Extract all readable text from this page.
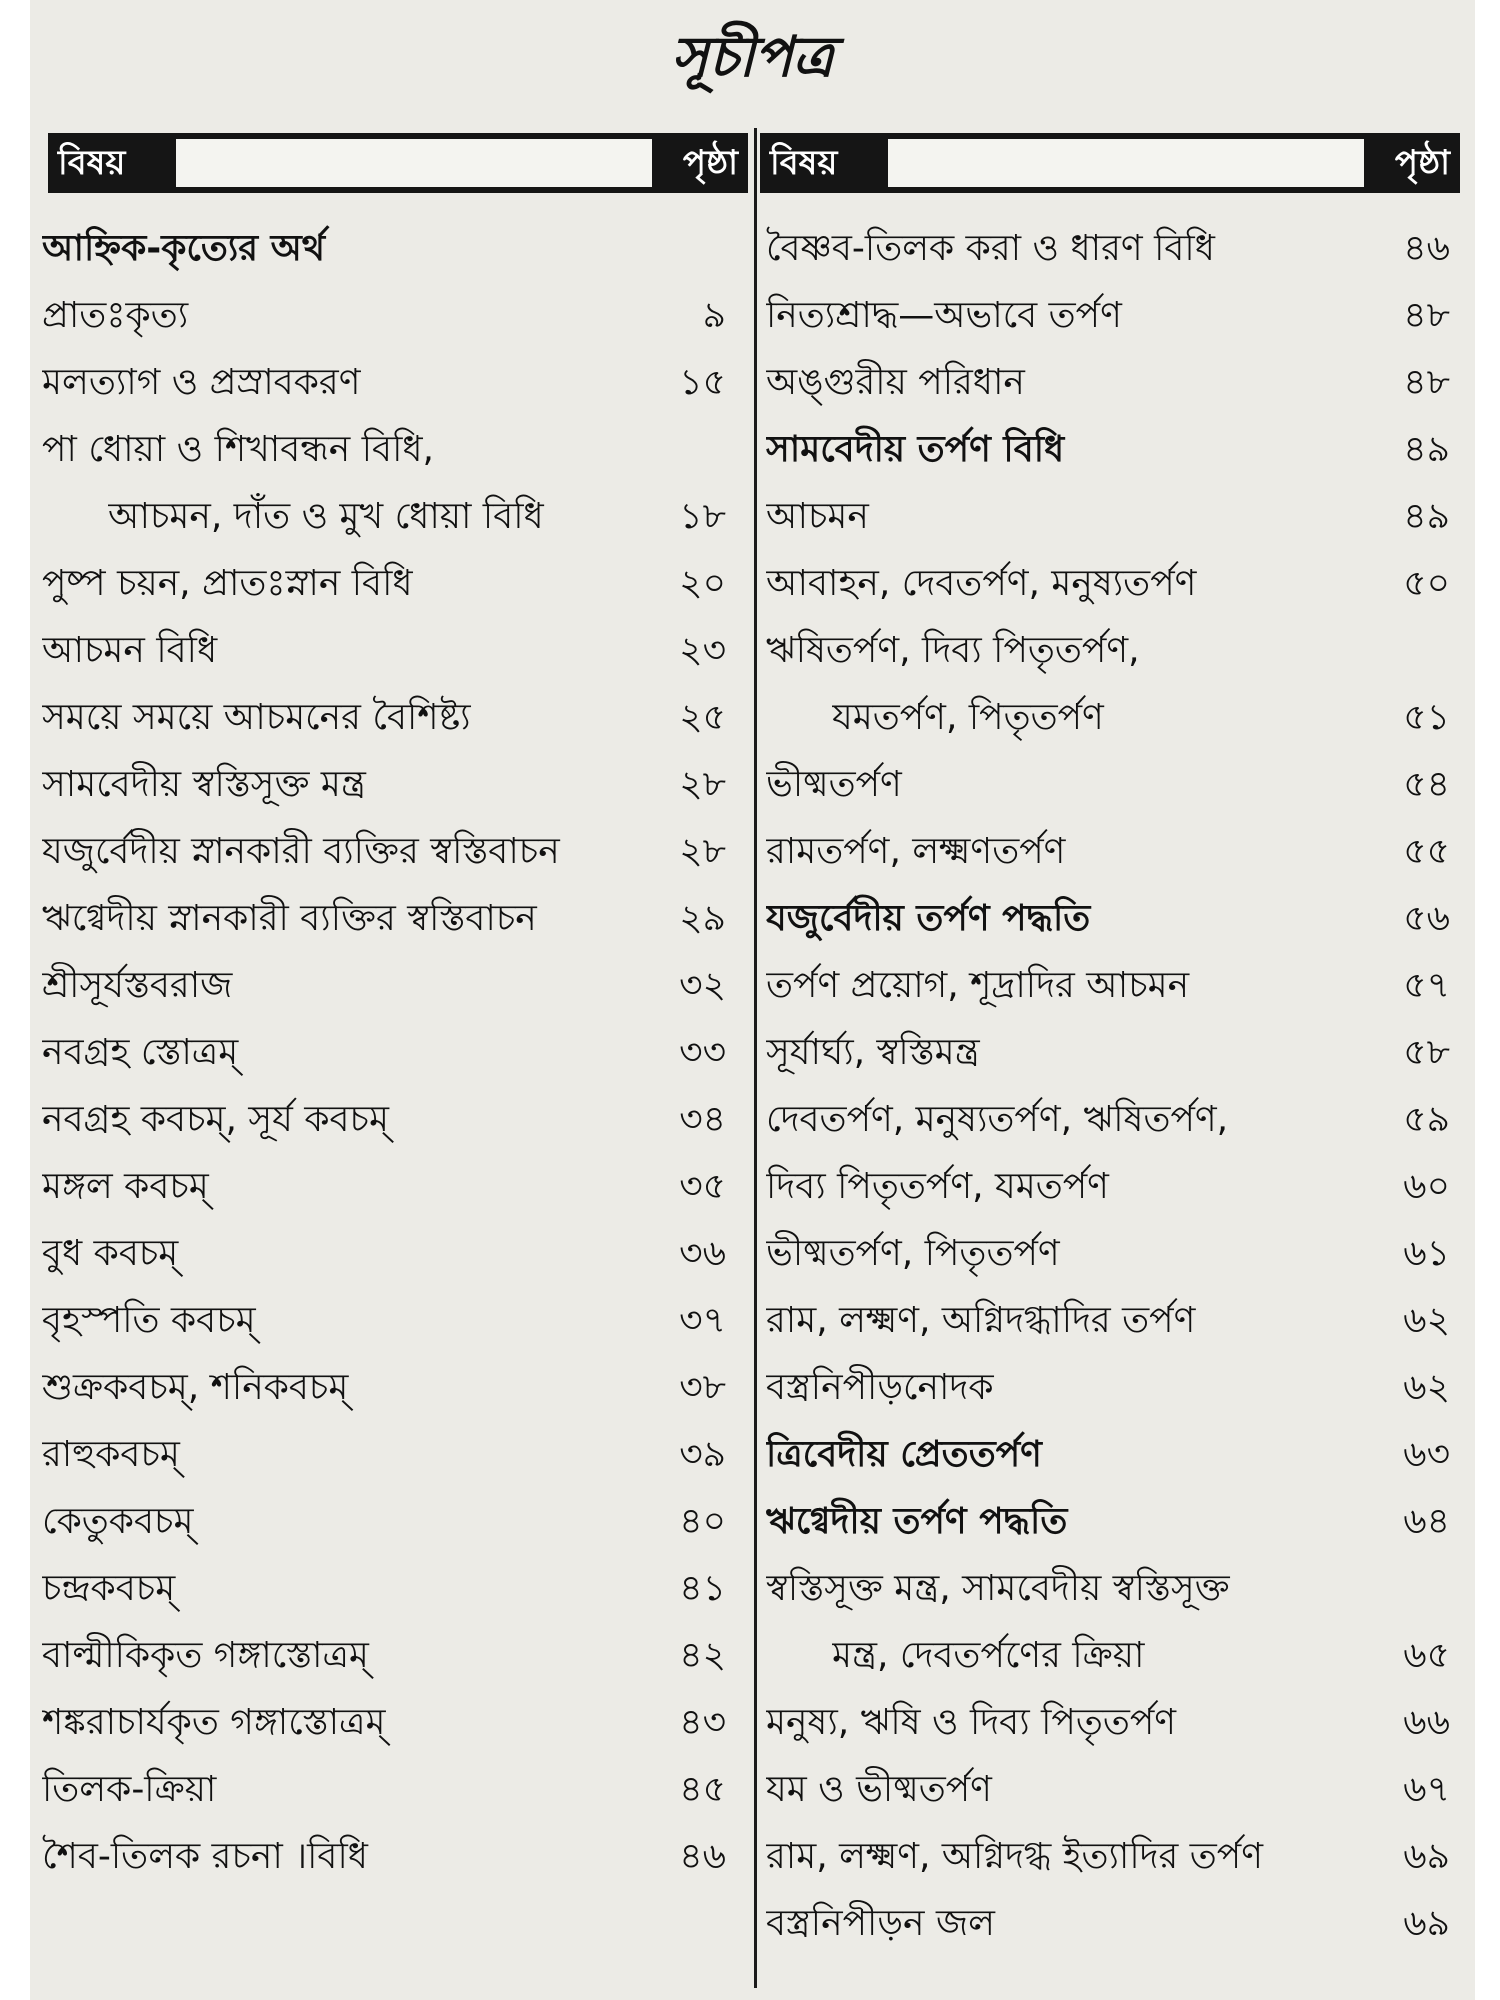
সূচীপত্র
বিষয়	পৃষ্ঠা বিষয়	পৃষ্ঠা
আহ্নিক-কৃত্যের অর্থ
প্রাতঃকৃত্য	৯
মলত্যাগ ও প্রস্রাবকরণ	১৫
পা ধোয়া ও শিখাবন্ধন বিধি,
আচমন, দাঁত ও মুখ ধোয়া বিধি	১৮
পুষ্প চয়ন, প্রাতঃস্নান বিধি	২০
আচমন বিধি	২৩
সময়ে সময়ে আচমনের বৈশিষ্ট্য	২৫
সামবেদীয় স্বস্তিসূক্ত মন্ত্র	২৮
যজুর্বেদীয় স্নানকারী ব্যক্তির স্বস্তিবাচন	২৮
ঋগ্বেদীয় স্নানকারী ব্যক্তির স্বস্তিবাচন	২৯
শ্রীসূর্যস্তবরাজ	৩২
নবগ্রহ স্তোত্রম্	৩৩
নবগ্রহ কবচম্, সূর্য কবচম্	৩৪
মঙ্গল কবচম্	৩৫
বুধ কবচম্	৩৬
বৃহস্পতি কবচম্	৩৭
শুক্রকবচম্, শনিকবচম্	৩৮
রাহুকবচম্	৩৯
কেতুকবচম্	৪০
চন্দ্রকবচম্	৪১
বাল্মীকিকৃত গঙ্গাস্তোত্রম্	৪২
শঙ্করাচার্যকৃত গঙ্গাস্তোত্রম্	৪৩
তিলক-ক্রিয়া	৪৫
শৈব-তিলক রচনা ।বিধি	৪৬
বৈষ্ণব-তিলক করা ও ধারণ বিধি	৪৬
নিত্যশ্রাদ্ধ—অভাবে তর্পণ	৪৮
অঙ্গুরীয় পরিধান	৪৮
সামবেদীয় তর্পণ বিধি	৪৯
আচমন	৪৯
আবাহন, দেবতর্পণ, মনুষ্যতর্পণ	৫০
ঋষিতর্পণ, দিব্য পিতৃতর্পণ,
যমতর্পণ, পিতৃতর্পণ	৫১
ভীষ্মতর্পণ	৫৪
রামতর্পণ, লক্ষ্মণতর্পণ	৫৫
যজুর্বেদীয় তর্পণ পদ্ধতি	৫৬
তর্পণ প্রয়োগ, শূদ্রাদির আচমন	৫৭
সূর্যার্ঘ্য, স্বস্তিমন্ত্র	৫৮
দেবতর্পণ, মনুষ্যতর্পণ, ঋষিতর্পণ,	৫৯
দিব্য পিতৃতর্পণ, যমতর্পণ	৬০
ভীষ্মতর্পণ, পিতৃতর্পণ	৬১
রাম, লক্ষ্মণ, অগ্নিদগ্ধাদির তর্পণ	৬২
বস্ত্রনিপীড়নোদক	৬২
ত্রিবেদীয় প্রেততর্পণ	৬৩
ঋগ্বেদীয় তর্পণ পদ্ধতি	৬৪
স্বস্তিসূক্ত মন্ত্র, সামবেদীয় স্বস্তিসূক্ত
মন্ত্র, দেবতর্পণের ক্রিয়া	৬৫
মনুষ্য, ঋষি ও দিব্য পিতৃতর্পণ	৬৬
যম ও ভীষ্মতর্পণ	৬৭
রাম, লক্ষ্মণ, অগ্নিদগ্ধ ইত্যাদির তর্পণ	৬৯
বস্ত্রনিপীড়ন জল	৬৯
